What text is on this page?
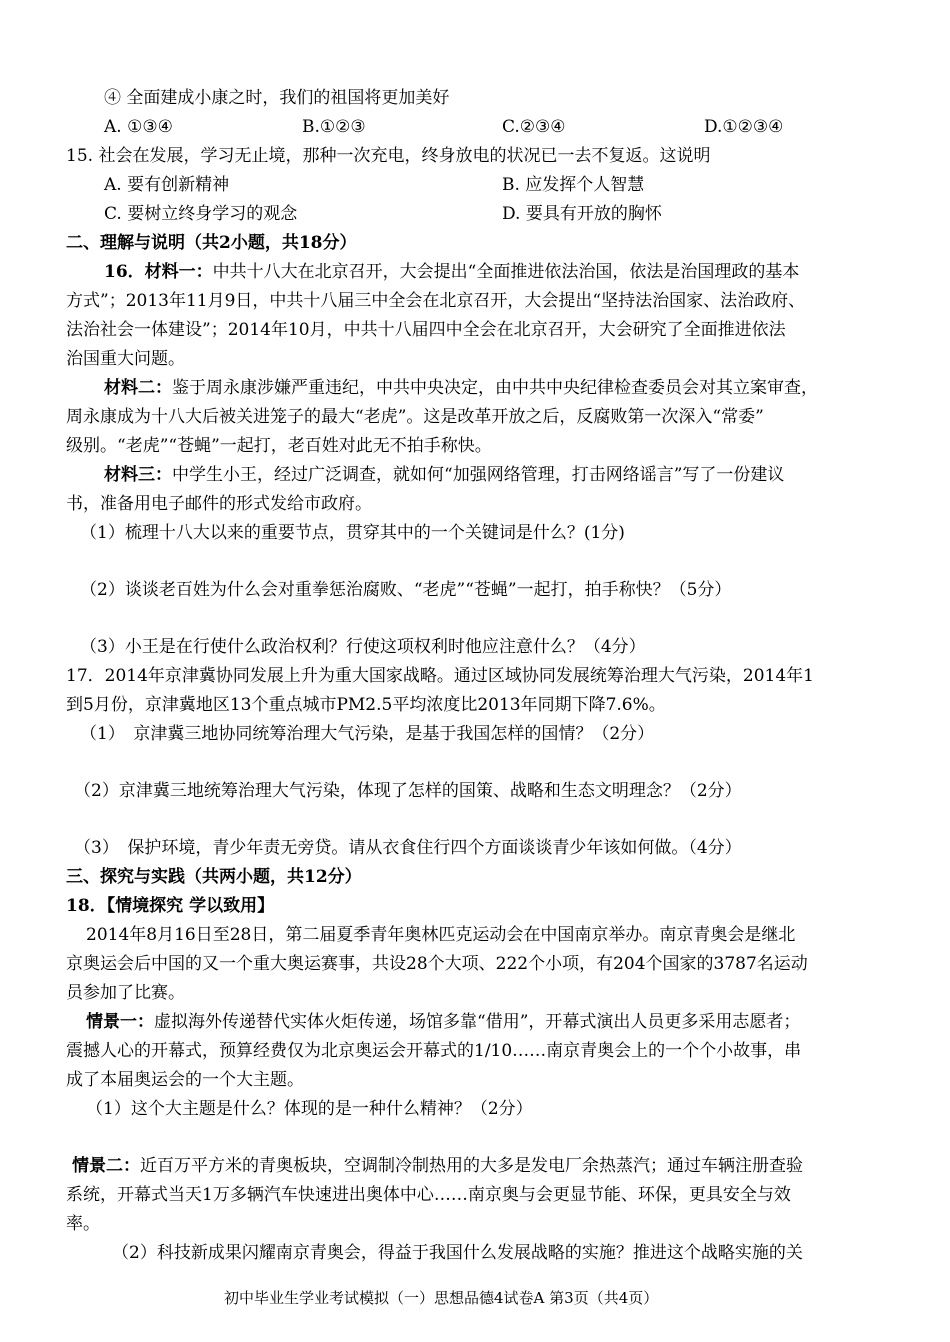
④ 全面建成小康之时，我们的祖国将更加美好
A. ①③④	B.①②③	C.②③④	D.①②③④
15. 社会在发展，学习无止境，那种一次充电，终身放电的状况已一去不复返。这说明
A. 要有创新精神	B. 应发挥个人智慧
C. 要树立终身学习的观念	D. 要具有开放的胸怀
二、理解与说明（共2小题，共18分）
16．材料一：中共十八大在北京召开，大会提出“全面推进依法治国，依法是治国理政的基本
方式”；2013年11月9日，中共十八届三中全会在北京召开，大会提出“坚持法治国家、法治政府、
法治社会一体建设”；2014年10月，中共十八届四中全会在北京召开，大会研究了全面推进依法
治国重大问题。
材料二：鉴于周永康涉嫌严重违纪，中共中央决定，由中共中央纪律检查委员会对其立案审查，
周永康成为十八大后被关进笼子的最大“老虎”。这是改革开放之后，反腐败第一次深入“常委”
级别。“老虎”“苍蝇”一起打，老百姓对此无不拍手称快。
材料三：中学生小王，经过广泛调查，就如何“加强网络管理，打击网络谣言”写了一份建议
书，准备用电子邮件的形式发给市政府。
（1）梳理十八大以来的重要节点，贯穿其中的一个关键词是什么？(1分)
（2）谈谈老百姓为什么会对重拳惩治腐败、“老虎”“苍蝇”一起打，拍手称快？（5分）
（3）小王是在行使什么政治权利？行使这项权利时他应注意什么？（4分）
17．2014年京津冀协同发展上升为重大国家战略。通过区域协同发展统筹治理大气污染，2014年1
到5月份，京津冀地区13个重点城市PM2.5平均浓度比2013年同期下降7.6%。
（1）　京津冀三地协同统筹治理大气污染，是基于我国怎样的国情？（2分）
（2）京津冀三地统筹治理大气污染，体现了怎样的国策、战略和生态文明理念？（2分）
（3）　保护环境，青少年责无旁贷。请从衣食住行四个方面谈谈青少年该如何做。（4分）
三、探究与实践（共两小题，共12分）
18．【情境探究 学以致用】
2014年8月16日至28日，第二届夏季青年奥林匹克运动会在中国南京举办。南京青奥会是继北
京奥运会后中国的又一个重大奥运赛事，共设28个大项、222个小项，有204个国家的3787名运动
员参加了比赛。
情景一：虚拟海外传递替代实体火炬传递，场馆多靠“借用”，开幕式演出人员更多采用志愿者；
震撼人心的开幕式，预算经费仅为北京奥运会开幕式的1/10……南京青奥会上的一个个小故事，串
成了本届奥运会的一个大主题。
（1）这个大主题是什么？体现的是一种什么精神？（2分）
情景二：近百万平方米的青奥板块，空调制冷制热用的大多是发电厂余热蒸汽；通过车辆注册查验
系统，开幕式当天1万多辆汽车快速进出奥体中心……南京奥与会更显节能、环保，更具安全与效
率。
（2）科技新成果闪耀南京青奥会，得益于我国什么发展战略的实施？推进这个战略实施的关
初中毕业生学业考试模拟（一）思想品德4试卷A 第3页（共4页）
